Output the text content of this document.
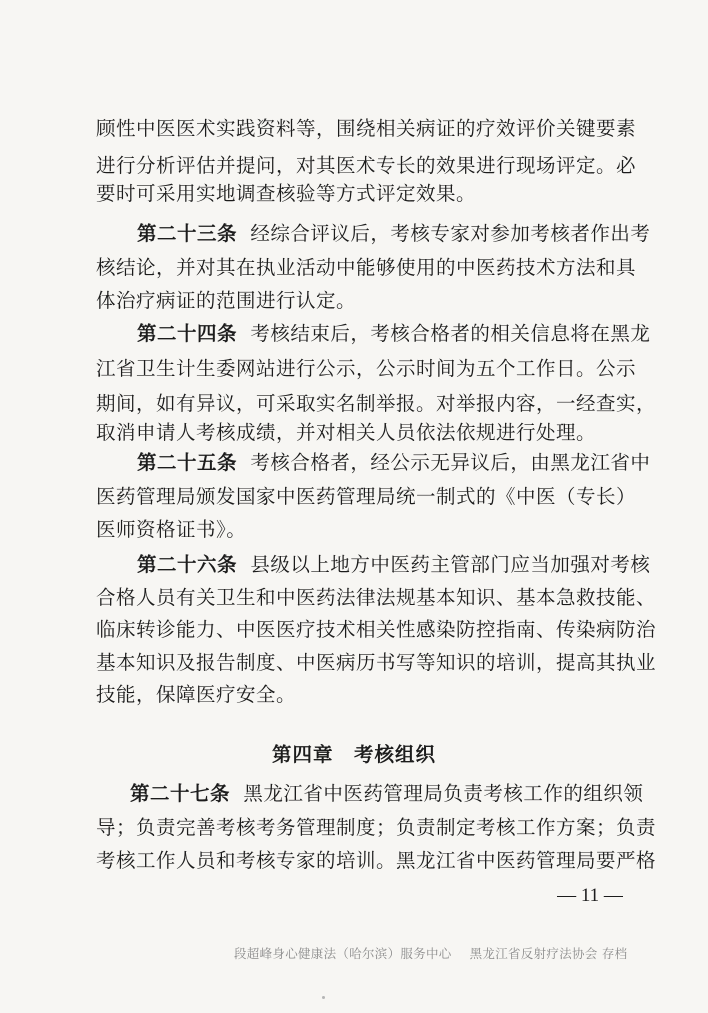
顾性中医医术实践资料等，围绕相关病证的疗效评价关键要素
进行分析评估并提问，对其医术专长的效果进行现场评定。必
要时可采用实地调查核验等方式评定效果。
第二十三条 经综合评议后，考核专家对参加考核者作出考
核结论，并对其在执业活动中能够使用的中医药技术方法和具
体治疗病证的范围进行认定。
第二十四条 考核结束后，考核合格者的相关信息将在黑龙
江省卫生计生委网站进行公示，公示时间为五个工作日。公示
期间，如有异议，可采取实名制举报。对举报内容，一经查实，
取消申请人考核成绩，并对相关人员依法依规进行处理。
第二十五条 考核合格者，经公示无异议后，由黑龙江省中
医药管理局颁发国家中医药管理局统一制式的《中医（专长）
医师资格证书》。
第二十六条 县级以上地方中医药主管部门应当加强对考核
合格人员有关卫生和中医药法律法规基本知识、基本急救技能、
临床转诊能力、中医医疗技术相关性感染防控指南、传染病防治
基本知识及报告制度、中医病历书写等知识的培训，提高其执业
技能，保障医疗安全。
第四章　考核组织
第二十七条 黑龙江省中医药管理局负责考核工作的组织领
导；负责完善考核考务管理制度；负责制定考核工作方案；负责
考核工作人员和考核专家的培训。黑龙江省中医药管理局要严格
— 11 —
段超峰身心健康法（哈尔滨）服务中心 黑龙江省反射疗法协会 存档
